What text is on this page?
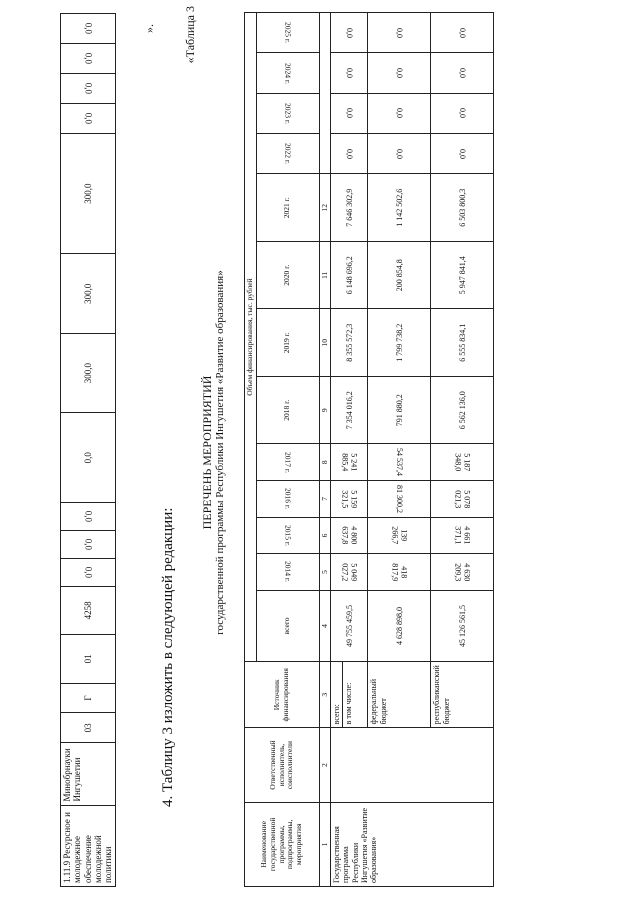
1.11.9 Ресурсное и молодежное обеспечение молодежной политики	Минобрнауки Ингушетии	03	Г	01	4258	0,0	0,0	0,0	0,0	300,0	300,0	300,0	0,0	0,0	0,0	0,0	».
4. Таблицу 3 изложить в следующей редакции:
«Таблица 3
ПЕРЕЧЕНЬ МЕРОПРИЯТИЙ государственной программы Республики Ингушетия «Развитие образования»
Наименование государственной программы, подпрограммы, мероприятия	Ответственный исполнитель, соисполнители	Источник финансирования	Объем финансирования, тыс. рублей												
			всего	2014 г.	2015 г.	2016 г.	2017 г.	2018 г.	2019 г.	2020 г.	2021 г.	2022 г.	2023 г.	2024 г.	2025 г.
1	2	3	4	5	6	7	8	9	10	11	12				
Государственная программа Республики Ингушетия «Развитие образования»		всего:	49 755 459,5	5 049 027,2	4 800 637,8	5 159 321,5	5 241 885,4	7 354 016,2	8 355 572,3	6 148 696,2	7 646 302,9	0,0	0,0	0,0	0,0
		в том числе:													
		федеральный бюджет	4 628 898,0	418 817,9	139 266,7	81 300,2	54 537,4	791 880,2	1 799 738,2	200 854,8	1 142 502,6	0,0	0,0	0,0	0,0
		республиканский бюджет	45 126 561,5	4 630 209,3	4 661 371,1	5 078 021,3	5 187 348,0	6 562 136,0	6 555 834,1	5 947 841,4	6 503 800,3	0,0	0,0	0,0	0,0
